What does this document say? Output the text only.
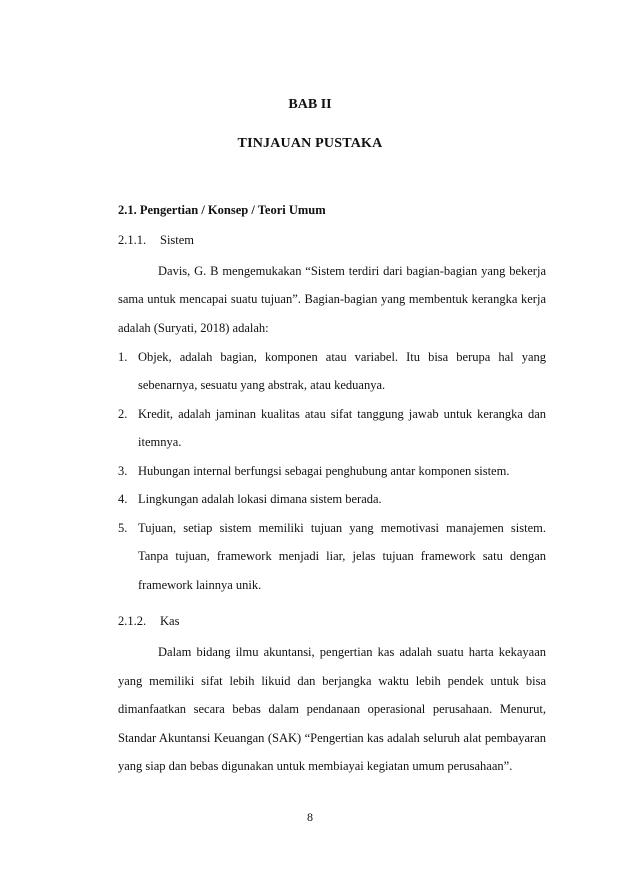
BAB II
TINJAUAN PUSTAKA
2.1. Pengertian / Konsep / Teori Umum
2.1.1. Sistem
Davis, G. B mengemukakan “Sistem terdiri dari bagian-bagian yang bekerja
sama untuk mencapai suatu tujuan”. Bagian-bagian yang membentuk kerangka kerja
adalah (Suryati, 2018) adalah:
1. Objek, adalah bagian, komponen atau variabel. Itu bisa berupa hal yang
sebenarnya, sesuatu yang abstrak, atau keduanya.
2. Kredit, adalah jaminan kualitas atau sifat tanggung jawab untuk kerangka dan
itemnya.
3. Hubungan internal berfungsi sebagai penghubung antar komponen sistem.
4. Lingkungan adalah lokasi dimana sistem berada.
5. Tujuan, setiap sistem memiliki tujuan yang memotivasi manajemen sistem.
Tanpa tujuan, framework menjadi liar, jelas tujuan framework satu dengan
framework lainnya unik.
2.1.2. Kas
Dalam bidang ilmu akuntansi, pengertian kas adalah suatu harta kekayaan
yang memiliki sifat lebih likuid dan berjangka waktu lebih pendek untuk bisa
dimanfaatkan secara bebas dalam pendanaan operasional perusahaan. Menurut,
Standar Akuntansi Keuangan (SAK) “Pengertian kas adalah seluruh alat pembayaran
yang siap dan bebas digunakan untuk membiayai kegiatan umum perusahaan”.
8
